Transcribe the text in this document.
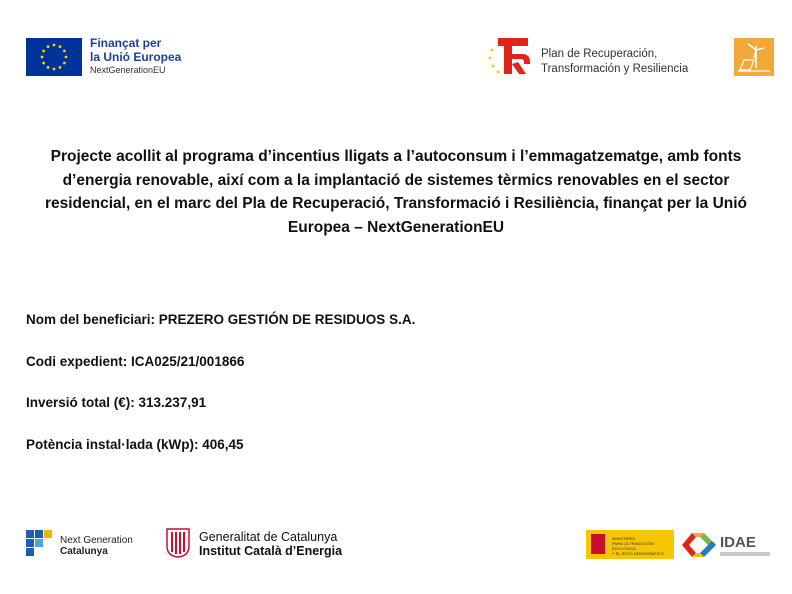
Finançat per
la Unió Europea
NextGenerationEU
Plan de Recuperación,
Transformación y Resiliencia
Projecte acollit al programa d’incentius lligats a l’autoconsum i l’emmagatzematge, amb fonts d’energia renovable, així com a la implantació de sistemes tèrmics renovables en el sector residencial, en el marc del Pla de Recuperació, Transformació i Resiliència, finançat per la Unió Europea – NextGenerationEU
Nom del beneficiari: PREZERO GESTIÓN DE RESIDUOS S.A.
Codi expedient: ICA025/21/001866
Inversió total (€): 313.237,91
Potència instal·lada (kWp): 406,45
Next Generation
Catalunya
Generalitat de Catalunya
Institut Català d’Energia
MINISTERIO
PARA LA TRANSICIÓN ECOLÓGICA
Y EL RETO DEMOGRÁFICO
IDAE
